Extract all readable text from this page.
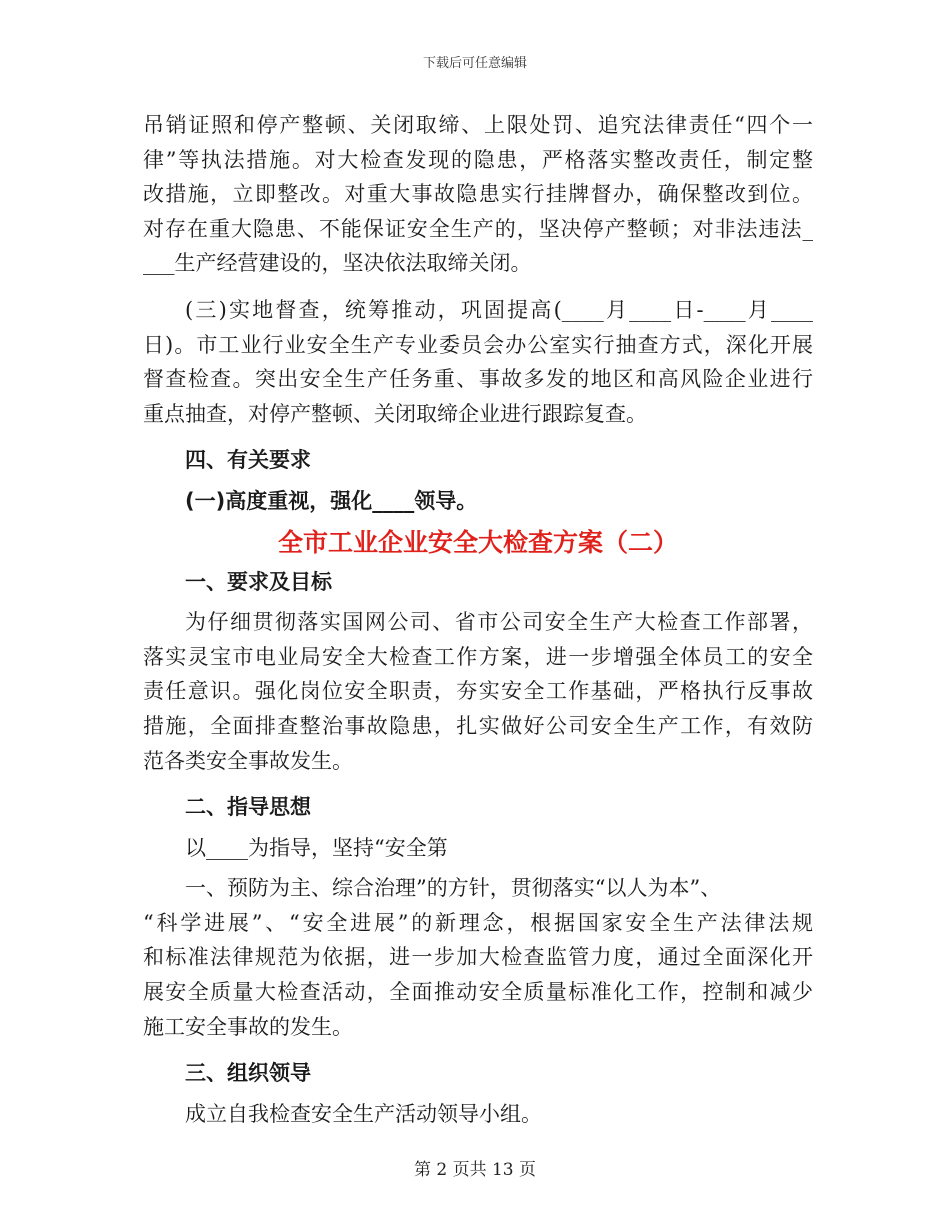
下载后可任意编辑
吊销证照和停产整顿、关闭取缔、上限处罚、追究法律责任“四个一
律”等执法措施。对大检查发现的隐患，严格落实整改责任，制定整
改措施，立即整改。对重大事故隐患实行挂牌督办，确保整改到位。
对存在重大隐患、不能保证安全生产的，坚决停产整顿；对非法违法_
___生产经营建设的，坚决依法取缔关闭。
(三)实地督查，统筹推动，巩固提高(____月____日-____月____
日)。市工业行业安全生产专业委员会办公室实行抽查方式，深化开展
督查检查。突出安全生产任务重、事故多发的地区和高风险企业进行
重点抽查，对停产整顿、关闭取缔企业进行跟踪复查。
四、有关要求
(一)高度重视，强化____领导。
全市工业企业安全大检查方案（二）
一、要求及目标
为仔细贯彻落实国网公司、省市公司安全生产大检查工作部署，
落实灵宝市电业局安全大检查工作方案，进一步增强全体员工的安全
责任意识。强化岗位安全职责，夯实安全工作基础，严格执行反事故
措施，全面排查整治事故隐患，扎实做好公司安全生产工作，有效防
范各类安全事故发生。
二、指导思想
以____为指导，坚持“安全第
一、预防为主、综合治理”的方针，贯彻落实“以人为本”、
“科学进展”、“安全进展”的新理念，根据国家安全生产法律法规
和标准法律规范为依据，进一步加大检查监管力度，通过全面深化开
展安全质量大检查活动，全面推动安全质量标准化工作，控制和减少
施工安全事故的发生。
三、组织领导
成立自我检查安全生产活动领导小组。
第 2 页共 13 页
